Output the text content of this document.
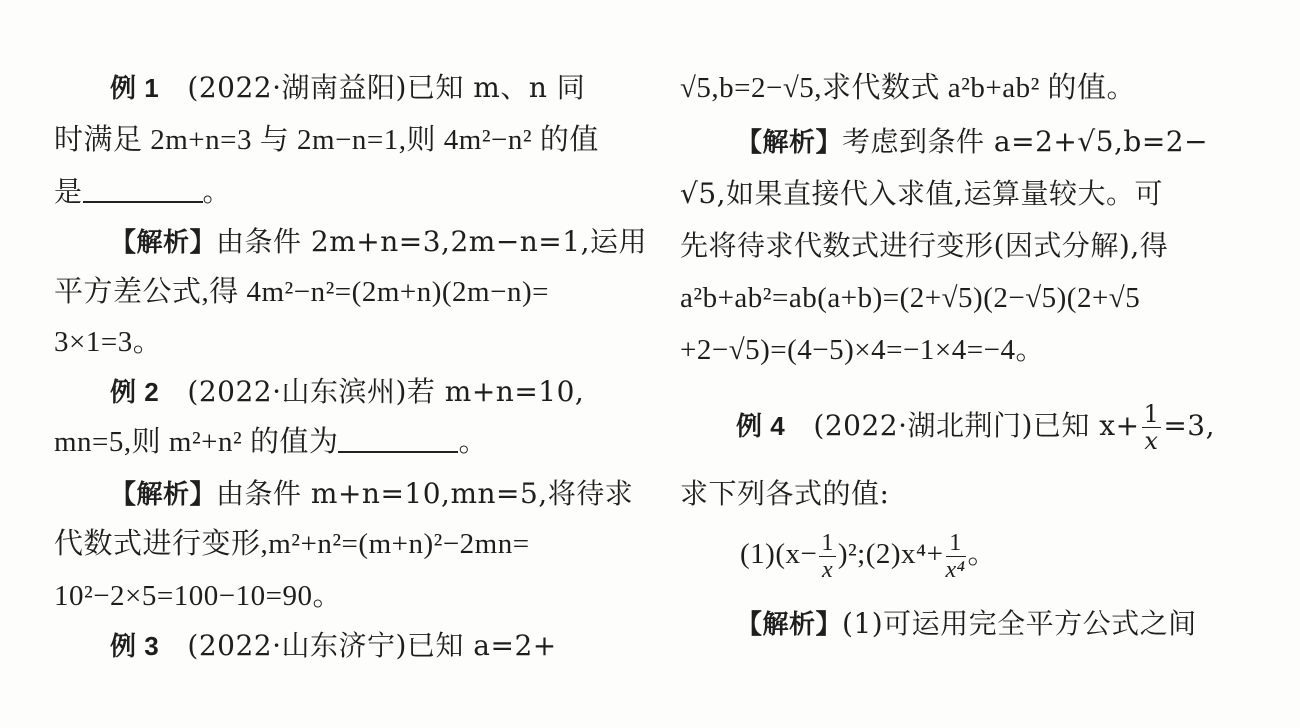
例 1 (2022·湖南益阳)已知 m、n 同
时满足 2m+n=3 与 2m−n=1,则 4m²−n² 的值
是	。
【解析】由条件 2m+n=3,2m−n=1,运用
平方差公式,得 4m²−n²=(2m+n)(2m−n)=
3×1=3。
例 2 (2022·山东滨州)若 m+n=10,
mn=5,则 m²+n² 的值为	。
【解析】由条件 m+n=10,mn=5,将待求
代数式进行变形,m²+n²=(m+n)²−2mn=
10²−2×5=100−10=90。
例 3 (2022·山东济宁)已知 a=2+
√5,b=2−√5,求代数式 a²b+ab² 的值。
【解析】考虑到条件 a=2+√5,b=2−
√5,如果直接代入求值,运算量较大。可
先将待求代数式进行变形(因式分解),得
a²b+ab²=ab(a+b)=(2+√5)(2−√5)(2+√5
+2−√5)=(4−5)×4=−1×4=−4。
例 4 (2022·湖北荆门)已知 $x+ \frac{1}{x} =3$,
求下列各式的值:
$(1)(x- \frac{1}{x}$ )²;(2)x⁴+ $\frac{1}{\text{x⁴}}$ 。
【解析】(1)可运用完全平方公式之间
